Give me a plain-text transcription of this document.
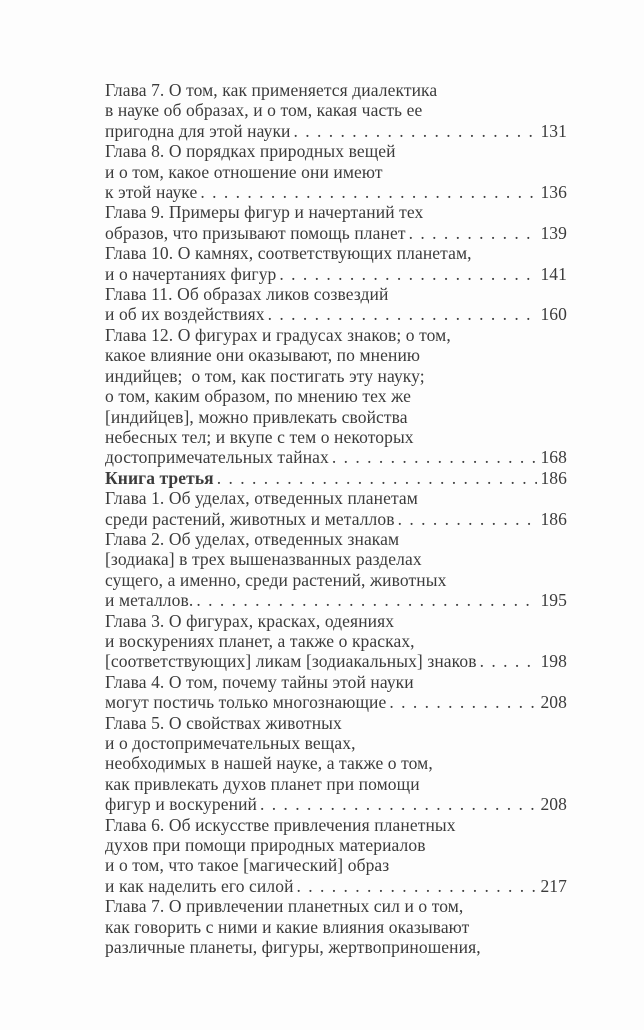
Глава 7. О том, как применяется диалектика
в науке об образах, и о том, какая часть ее
пригодна для этой науки . . .	131
Глава 8. О порядках природных вещей
и о том, какое отношение они имеют
к этой науке . . .	136
Глава 9. Примеры фигур и начертаний тех
образов, что призывают помощь планет . . .	139
Глава 10. О камнях, соответствующих планетам,
и о начертаниях фигур . . .	141
Глава 11. Об образах ликов созвездий
и об их воздействиях . . .	160
Глава 12. О фигурах и градусах знаков; о том,
какое влияние они оказывают, по мнению
индийцев;  о том, как постигать эту науку;
о том, каким образом, по мнению тех же
[индийцев], можно привлекать свойства
небесных тел; и вкупе с тем о некоторых
достопримечательных тайнах . . .	168
Книга третья . . .	186
Глава 1. Об уделах, отведенных планетам
среди растений, животных и металлов . . .	186
Глава 2. Об уделах, отведенных знакам
[зодиака] в трех вышеназванных разделах
сущего, а именно, среди растений, животных
и металлов. . . .	195
Глава 3. О фигурах, красках, одеяниях
и воскурениях планет, а также о красках,
[соответствующих] ликам [зодиакальных] знаков . . .	198
Глава 4. О том, почему тайны этой науки
могут постичь только многознающие . . .	208
Глава 5. О свойствах животных
и о достопримечательных вещах,
необходимых в нашей науке, а также о том,
как привлекать духов планет при помощи
фигур и воскурений . . .	208
Глава 6. Об искусстве привлечения планетных
духов при помощи природных материалов
и о том, что такое [магический] образ
и как наделить его силой . . .	217
Глава 7. О привлечении планетных сил и о том,
как говорить с ними и какие влияния оказывают
различные планеты, фигуры, жертвоприношения,
